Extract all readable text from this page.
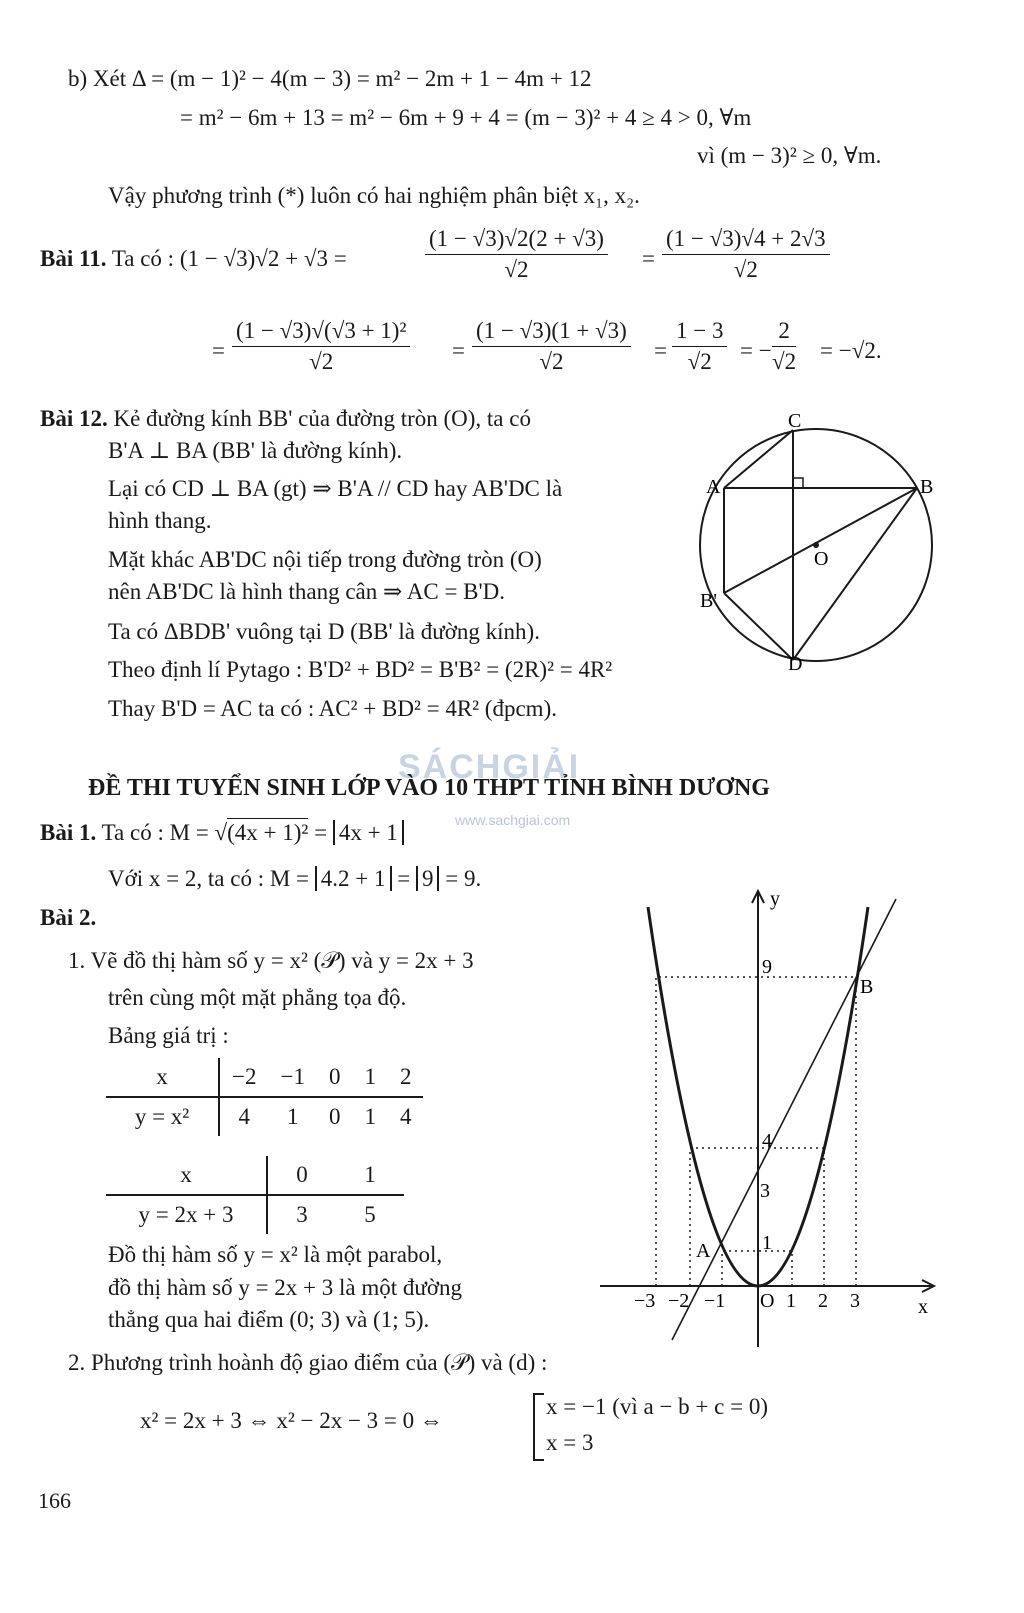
b) Xét Δ = (m − 1)² − 4(m − 3) = m² − 2m + 1 − 4m + 12
= m² − 6m + 13 = m² − 6m + 9 + 4 = (m − 3)² + 4 ≥ 4 > 0, ∀m
vì (m − 3)² ≥ 0, ∀m.
Vậy phương trình (*) luôn có hai nghiệm phân biệt x₁, x₂.
Bài 11. Ta có : (1 − √3)√2 + √3 =	$\frac{(1 - √3)√2(2 + √3)}{√2} = \frac{(1 - √3)√4 + 2√3}{√2}$
= $\frac{\text{(1 − √3)√(√3 + 1)²}}{√2} = \frac{(1 - √3)(1 + √3)}{√2} = \frac{1 - 3}{√2}$ = − $\frac{2}{√2} = -√2$.
Bài 12. Kẻ đường kính BB' của đường tròn (O), ta có
B'A ⊥ BA (BB' là đường kính).
Lại có CD ⊥ BA (gt) ⇒ B'A // CD hay AB'DC là
hình thang.
Mặt khác AB'DC nội tiếp trong đường tròn (O)
nên AB'DC là hình thang cân ⇒ AC = B'D.
Ta có ΔBDB' vuông tại D (BB' là đường kính).
Theo định lí Pytago : B'D² + BD² = B'B² = (2R)² = 4R²
Thay B'D = AC ta có : AC² + BD² = 4R² (đpcm).
C
A	B
O
B'
D
SÁCHGIẢI
www.sachgiai.com
ĐỀ THI TUYỂN SINH LỚP VÀO 10 THPT TỈNH BÌNH DƯƠNG
Bài 1. Ta có : M = √(4x + 1)² = 4x + 1
Với x = 2, ta có : M = 4.2 + 1 = 9 = 9.
Bài 2.
1. Vẽ đồ thị hàm số y = x² (𝒫) và y = 2x + 3
trên cùng một mặt phẳng tọa độ.
Bảng giá trị :
x	−2	−1	0	1	2
y = x²	4	1	0	1	4
x	0	1
y = 2x + 3	3	5
Đồ thị hàm số y = x² là một parabol,
đồ thị hàm số y = 2x + 3 là một đường
thẳng qua hai điểm (0; 3) và (1; 5).
y
x
O
−3 −2 −1	1 2 3
9
4
3
1
A
B
2. Phương trình hoành độ giao điểm của (𝒫) và (d) :
x² = 2x + 3 ⇔ x² − 2x − 3 = 0 ⇔
x = −1 (vì a − b + c = 0)
x = 3
166
